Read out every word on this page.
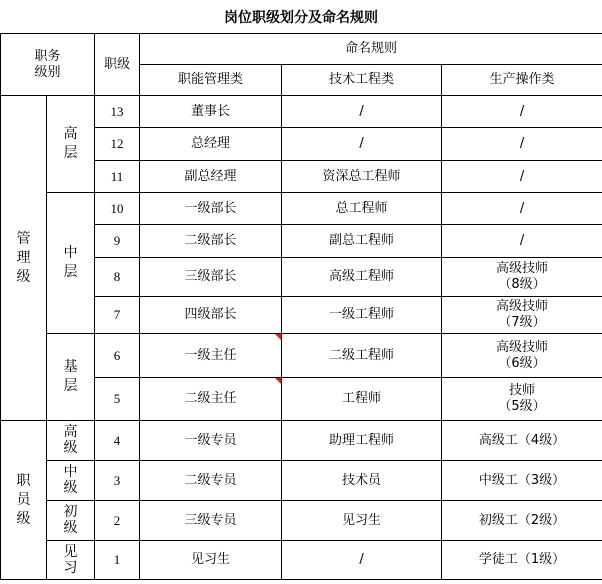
岗位职级划分及命名规则
职务
级别		职级	命名规则		
			职能管理类	技术工程类	生产操作类
管理级	高层	13	董事长	/	/
		12	总经理	/	/
		11	副总经理	资深总工程师	/
	中层	10	一级部长	总工程师	/
		9	二级部长	副总工程师	/
		8	三级部长	高级工程师	高级技师
（8级）

		7	四级部长	一级工程师	高级技师
（7级）

	基层	6	一级主任	二级工程师	高级技师
（6级）

		5	二级主任	工程师	技师
（5级）

职员级	高级	4	一级专员	助理工程师	高级工（4级）
	中级	3	二级专员	技术员	中级工（3级）
	初级	2	三级专员	见习生	初级工（2级）
	见习	1	见习生	/	学徒工（1级）
